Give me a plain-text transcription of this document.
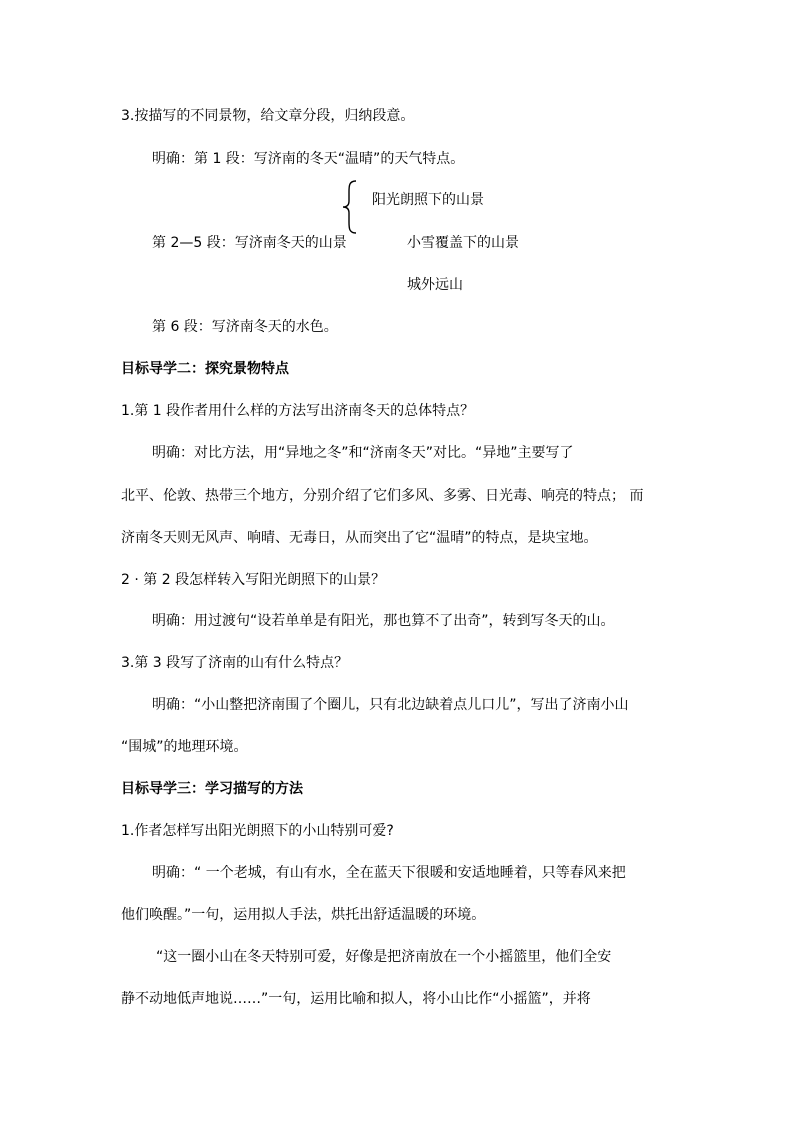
3.按描写的不同景物，给文章分段，归纳段意。
明确：第 1 段：写济南的冬天“温晴”的天气特点。
阳光朗照下的山景
第 2—5 段：写济南冬天的山景	小雪覆盖下的山景
城外远山
第 6 段：写济南冬天的水色。
目标导学二：探究景物特点
1.第 1 段作者用什么样的方法写出济南冬天的总体特点？
明确：对比方法，用“异地之冬”和“济南冬天”对比。“异地”主要写了
北平、伦敦、热带三个地方，分别介绍了它们多风、多雾、日光毒、响亮的特点； 而
济南冬天则无风声、响晴、无毒日，从而突出了它“温晴”的特点，是块宝地。
2 · 第 2 段怎样转入写阳光朗照下的山景？
明确：用过渡句“设若单单是有阳光，那也算不了出奇”，转到写冬天的山。
3.第 3 段写了济南的山有什么特点？
明确：“小山整把济南围了个圈儿，只有北边缺着点儿口儿”，写出了济南小山
“围城”的地理环境。
目标导学三：学习描写的方法
1.作者怎样写出阳光朗照下的小山特别可爱?
明确：“ 一个老城，有山有水，全在蓝天下很暖和安适地睡着，只等春风来把
他们唤醒。”一句，运用拟人手法，烘托出舒适温暖的环境。
“这一圈小山在冬天特别可爱，好像是把济南放在一个小摇篮里，他们全安
静不动地低声地说……”一句，运用比喻和拟人，将小山比作“小摇篮”，并将
